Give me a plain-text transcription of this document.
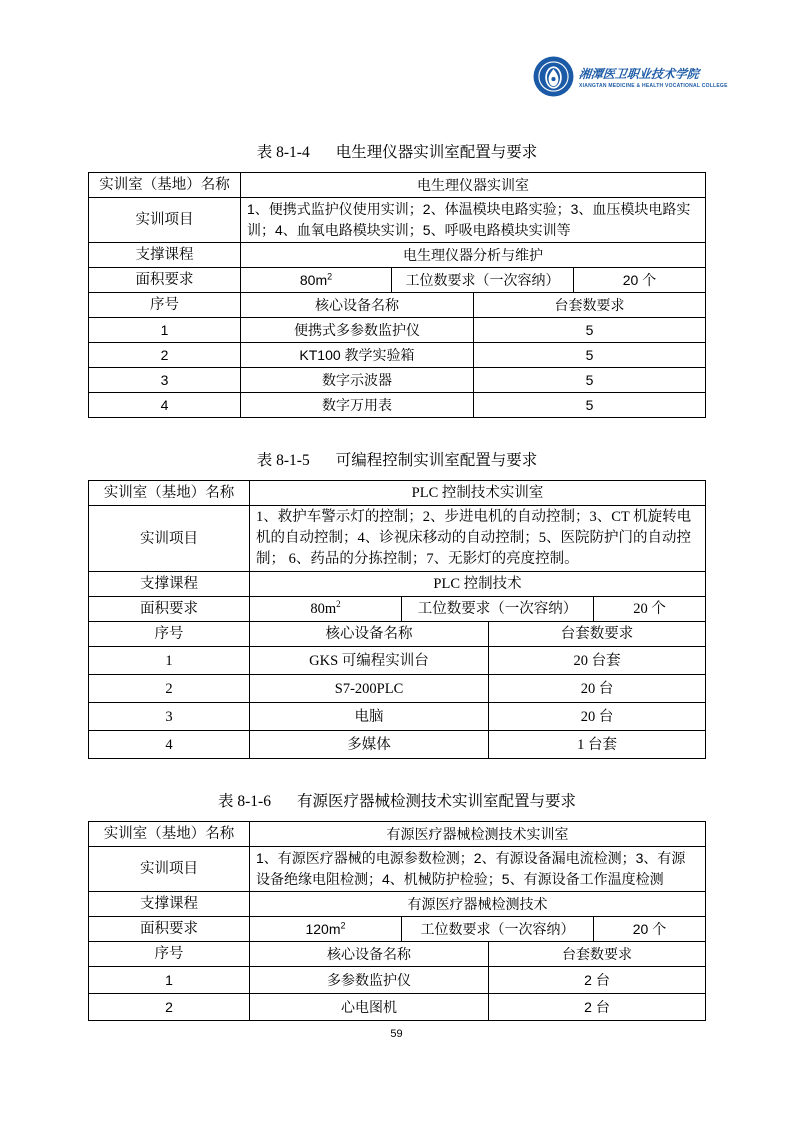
湘潭医卫职业技术学院
XIANGTAN MEDICINE & HEALTH VOCATIONAL COLLEGE
表 8-1-4 电生理仪器实训室配置与要求
实训室（基地）名称	电生理仪器实训室			
实训项目	1、便携式监护仪使用实训；2、体温模块电路实验；3、血压模块电路实训；4、血氧电路模块实训；5、呼吸电路模块实训等			
支撑课程	电生理仪器分析与维护			
面积要求	$80m^2$	工位数要求（一次容纳）		20 个
序号	核心设备名称		台套数要求	
1	便携式多参数监护仪		5	
2	KT100 教学实验箱		5	
3	数字示波器		5	
4	数字万用表		5	
表 8-1-5 可编程控制实训室配置与要求
实训室（基地）名称	PLC 控制技术实训室			
实训项目	1、救护车警示灯的控制；2、步进电机的自动控制；3、CT 机旋转电机的自动控制；4、诊视床移动的自动控制；5、医院防护门的自动控制； 6、药品的分拣控制；7、无影灯的亮度控制。			
支撑课程	PLC 控制技术			
面积要求	$80m^2$	工位数要求（一次容纳）		20 个
序号	核心设备名称		台套数要求	
1	GKS 可编程实训台		20 台套	
2	S7-200PLC		20 台	
3	电脑		20 台	
4	多媒体		1 台套	
表 8-1-6 有源医疗器械检测技术实训室配置与要求
实训室（基地）名称	有源医疗器械检测技术实训室			
实训项目	1、有源医疗器械的电源参数检测；2、有源设备漏电流检测；3、有源设备绝缘电阻检测；4、机械防护检验；5、有源设备工作温度检测			
支撑课程	有源医疗器械检测技术			
面积要求	$120m^2$	工位数要求（一次容纳）		20 个
序号	核心设备名称		台套数要求	
1	多参数监护仪		2 台	
2	心电图机		2 台	
59
